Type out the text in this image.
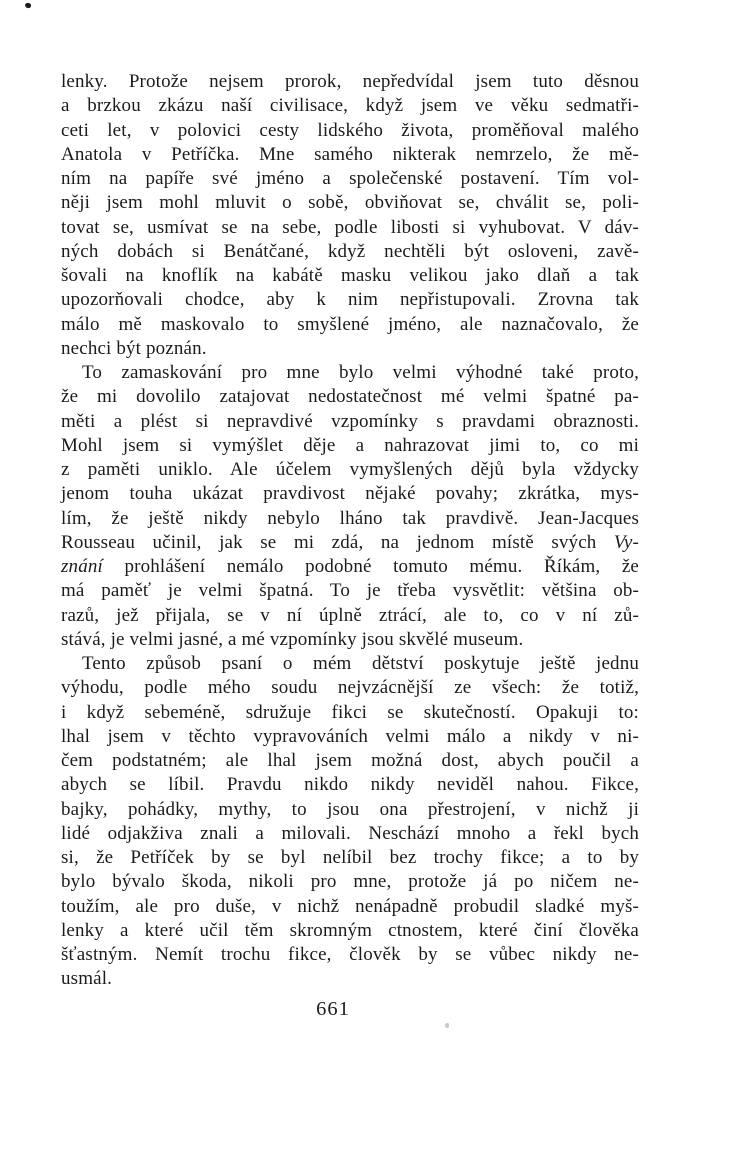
lenky. Protože nejsem prorok, nepředvídal jsem tuto děsnou
a brzkou zkázu naší civilisace, když jsem ve věku sedmatři-
ceti let, v polovici cesty lidského života, proměňoval malého
Anatola v Petříčka. Mne samého nikterak nemrzelo, že mě-
ním na papíře své jméno a společenské postavení. Tím vol-
něji jsem mohl mluvit o sobě, obviňovat se, chválit se, poli-
tovat se, usmívat se na sebe, podle libosti si vyhubovat. V dáv-
ných dobách si Benátčané, když nechtěli být osloveni, zavě-
šovali na knoflík na kabátě masku velikou jako dlaň a tak
upozorňovali chodce, aby k nim nepřistupovali. Zrovna tak
málo mě maskovalo to smyšlené jméno, ale naznačovalo, že
nechci být poznán.
To zamaskování pro mne bylo velmi výhodné také proto,
že mi dovolilo zatajovat nedostatečnost mé velmi špatné pa-
měti a plést si nepravdivé vzpomínky s pravdami obraznosti.
Mohl jsem si vymýšlet děje a nahrazovat jimi to, co mi
z paměti uniklo. Ale účelem vymyšlených dějů byla vždycky
jenom touha ukázat pravdivost nějaké povahy; zkrátka, mys-
lím, že ještě nikdy nebylo lháno tak pravdivě. Jean-Jacques
Rousseau učinil, jak se mi zdá, na jednom místě svých Vy-
znání prohlášení nemálo podobné tomuto mému. Říkám, že
má paměť je velmi špatná. To je třeba vysvětlit: většina ob-
razů, jež přijala, se v ní úplně ztrácí, ale to, co v ní zů-
stává, je velmi jasné, a mé vzpomínky jsou skvělé museum.
Tento způsob psaní o mém dětství poskytuje ještě jednu
výhodu, podle mého soudu nejvzácnější ze všech: že totiž,
i když sebeméně, sdružuje fikci se skutečností. Opakuji to:
lhal jsem v těchto vypravováních velmi málo a nikdy v ni-
čem podstatném; ale lhal jsem možná dost, abych poučil a
abych se líbil. Pravdu nikdo nikdy neviděl nahou. Fikce,
bajky, pohádky, mythy, to jsou ona přestrojení, v nichž ji
lidé odjakživa znali a milovali. Neschází mnoho a řekl bych
si, že Petříček by se byl nelíbil bez trochy fikce; a to by
bylo bývalo škoda, nikoli pro mne, protože já po ničem ne-
toužím, ale pro duše, v nichž nenápadně probudil sladké myš-
lenky a které učil těm skromným ctnostem, které činí člověka
šťastným. Nemít trochu fikce, člověk by se vůbec nikdy ne-
usmál.
661
